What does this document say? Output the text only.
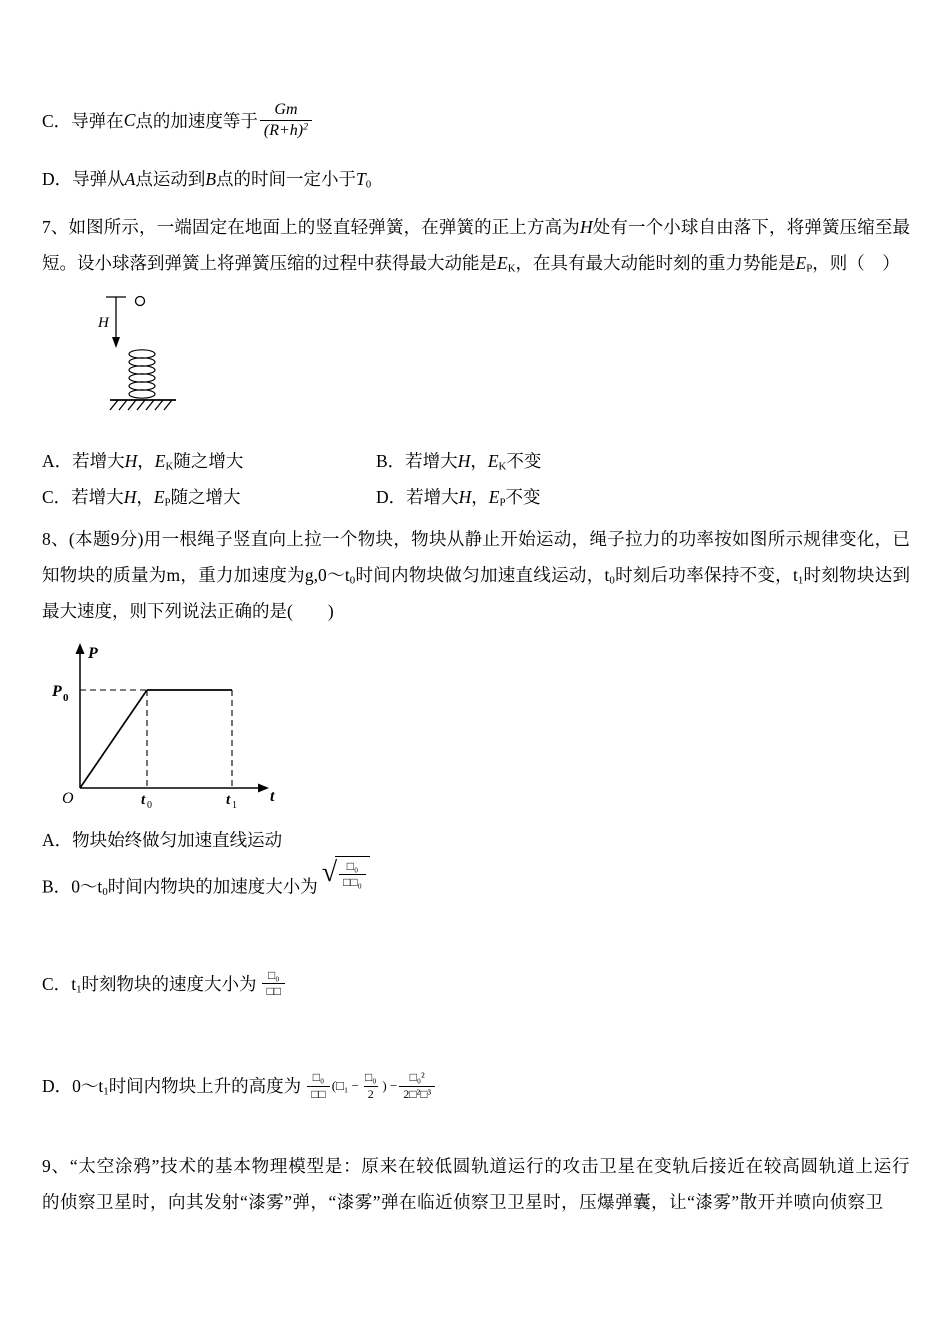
C． 导弹在 C 点的加速度等于 $\frac{Gm}{(R+h)^2}$

D．导弹从A点运动到B点的时间一定小于$T_0$

7、如图所示，一端固定在地面上的竖直轻弹簧，在弹簧的正上方高为H处有一个小球自由落下，将弹簧压缩至最短。设小球落到弹簧上将弹簧压缩的过程中获得最大动能是$E_K$，在具有最大动能时刻的重力势能是$E_P$，则（　）

H

A．若增大H，$E_K$随之增大	B．若增大H，$E_K$不变

C．若增大H，$E_P$随之增大	D．若增大H，$E_P$不变

8、(本题9分)用一根绳子竖直向上拉一个物块，物块从静止开始运动，绳子拉力的功率按如图所示规律变化，已知物块的质量为m，重力加速度为$g,0\sim t_0$时间内物块做匀加速直线运动，$t_0$时刻后功率保持不变，$t_1$时刻物块达到最大速度，则下列说法正确的是(　　)

P
P 0
O	t 0	t 1
t

A．物块始终做匀加速直线运动

B．$0\sim t_0$时间内物块的加速度大小为 √ $\frac{\text{□₀}}{\text{□□₀}}$

C．$t_1$时刻物块的速度大小为 $\frac{\text{□₀}}{□□}$

D．$0\sim t_1$时间内物块上升的高度为 $\frac{\text{□₀}}{□□}$ (□₁ − $\frac{\text{□₀}}{2}$ ) − $\frac{\text{□₀²}}{\text{2□²□³}}$

9、“太空涂鸦”技术的基本物理模型是：原来在较低圆轨道运行的攻击卫星在变轨后接近在较高圆轨道上运行的侦察卫星时，向其发射“漆雾”弹，“漆雾”弹在临近侦察卫卫星时，压爆弹囊，让“漆雾”散开并喷向侦察卫
